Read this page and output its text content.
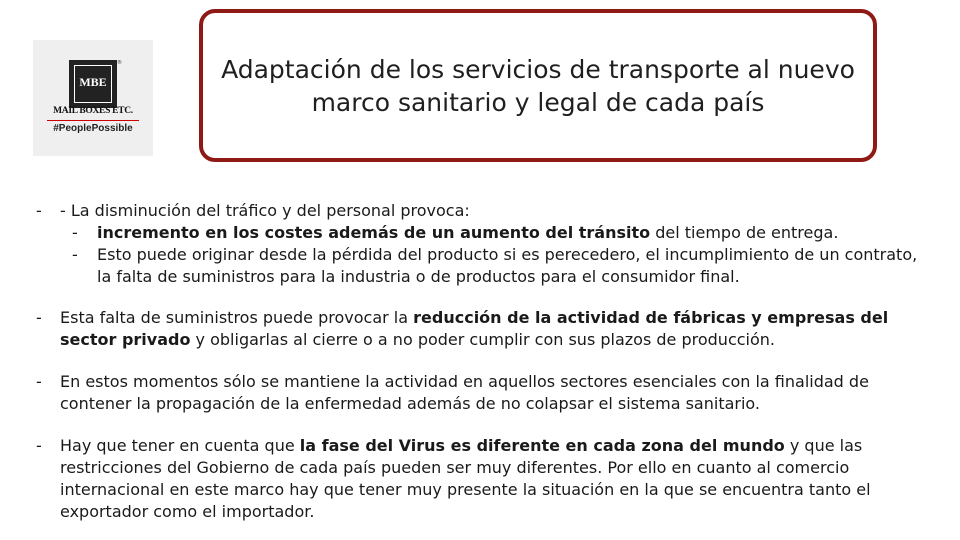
MBE
®
MAIL BOXES ETC.
#PeoplePossible
Adaptación de los servicios de transporte al nuevo marco sanitario y legal de cada país
- - La disminución del tráfico y del personal provoca:
- incremento en los costes además de un aumento del tránsito del tiempo de entrega.
- Esto puede originar desde la pérdida del producto si es perecedero, el incumplimiento de un contrato, la falta de suministros para la industria o de productos para el consumidor final.
- Esta falta de suministros puede provocar la reducción de la actividad de fábricas y empresas del sector privado y obligarlas al cierre o a no poder cumplir con sus plazos de producción.
- En estos momentos sólo se mantiene la actividad en aquellos sectores esenciales con la finalidad de contener la propagación de la enfermedad además de no colapsar el sistema sanitario.
- Hay que tener en cuenta que la fase del Virus es diferente en cada zona del mundo y que las restricciones del Gobierno de cada país pueden ser muy diferentes. Por ello en cuanto al comercio internacional en este marco hay que tener muy presente la situación en la que se encuentra tanto el exportador como el importador.
